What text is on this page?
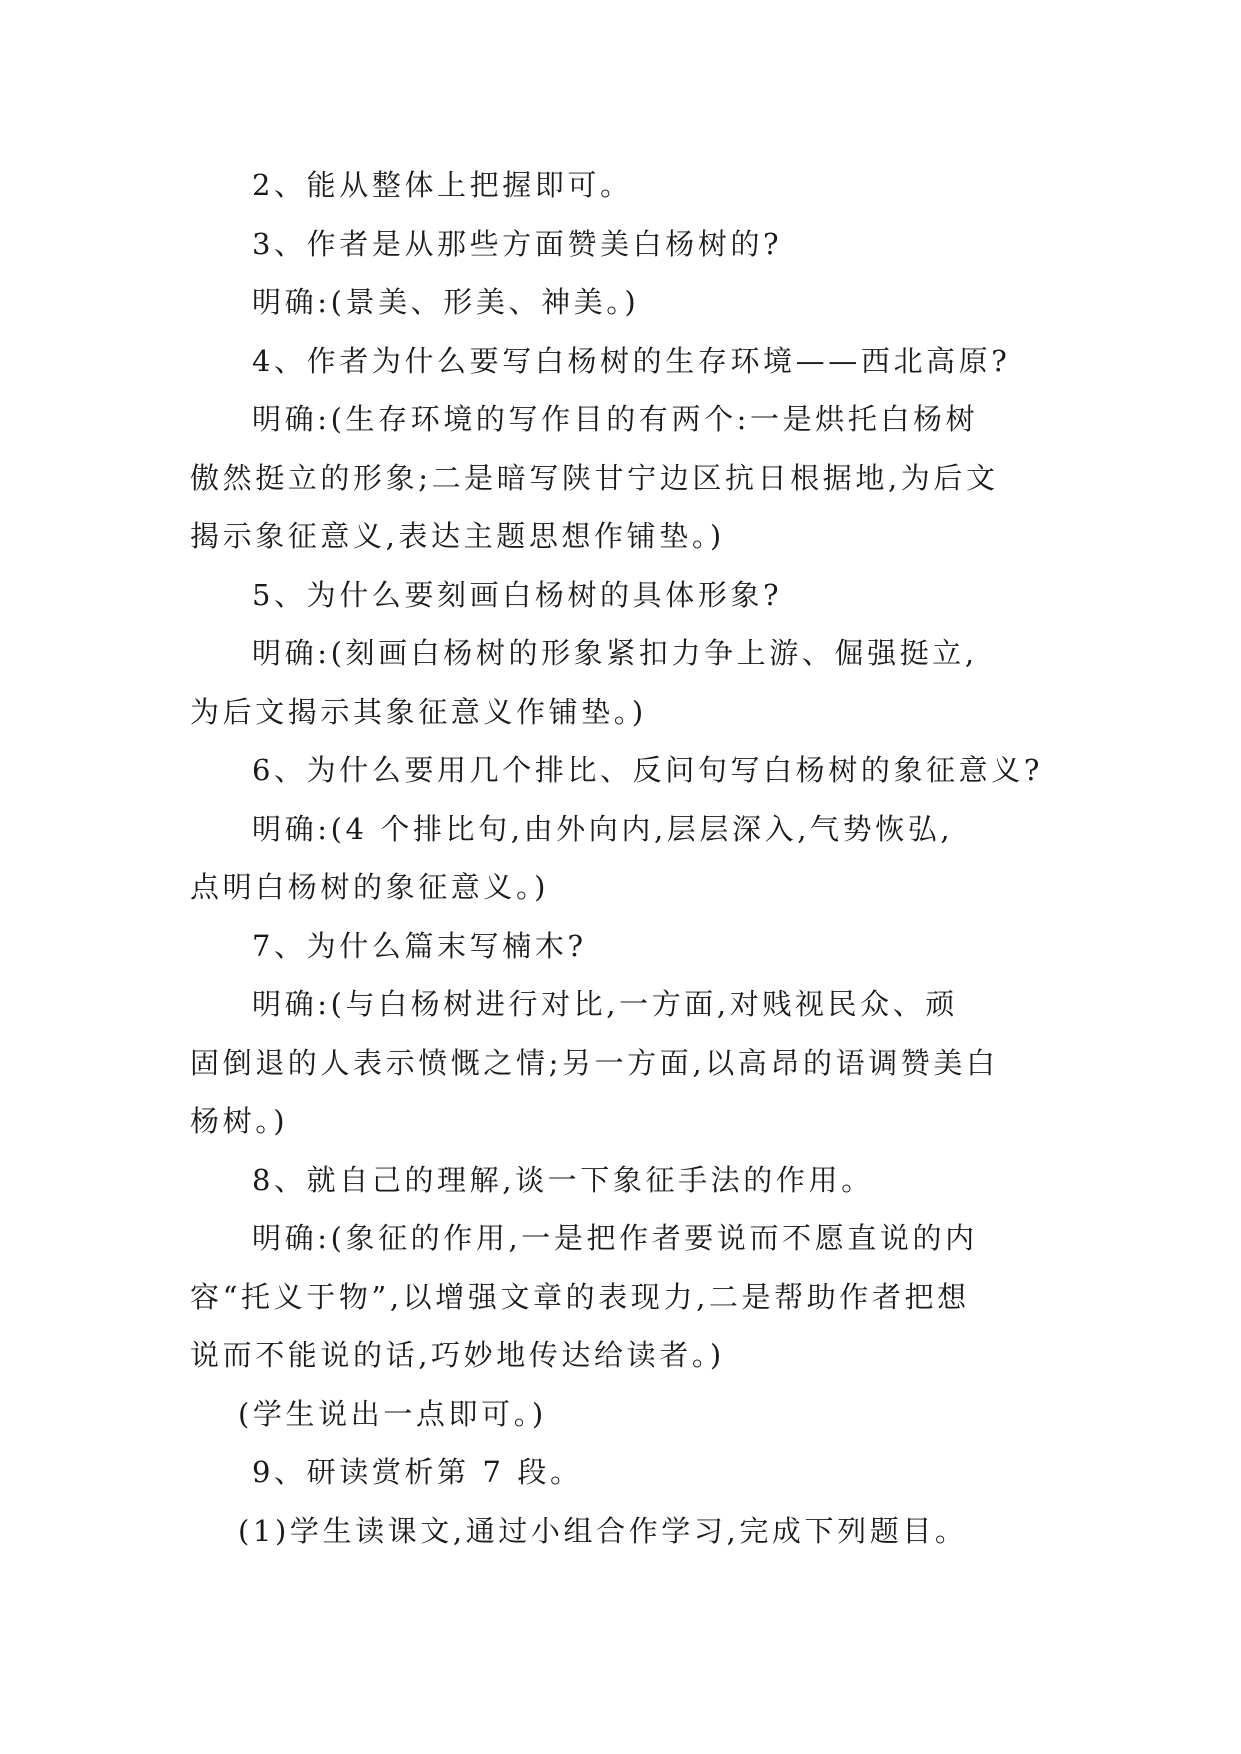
2、能从整体上把握即可。
3、作者是从那些方面赞美白杨树的?
明确:(景美、形美、神美。)
4、作者为什么要写白杨树的生存环境——西北高原?
明确:(生存环境的写作目的有两个:一是烘托白杨树
傲然挺立的形象;二是暗写陕甘宁边区抗日根据地,为后文
揭示象征意义,表达主题思想作铺垫。)
5、为什么要刻画白杨树的具体形象?
明确:(刻画白杨树的形象紧扣力争上游、倔强挺立,
为后文揭示其象征意义作铺垫。)
6、为什么要用几个排比、反问句写白杨树的象征意义?
明确:(4 个排比句,由外向内,层层深入,气势恢弘,
点明白杨树的象征意义。)
7、为什么篇末写楠木?
明确:(与白杨树进行对比,一方面,对贱视民众、顽
固倒退的人表示愤慨之情;另一方面,以高昂的语调赞美白
杨树。)
8、就自己的理解,谈一下象征手法的作用。
明确:(象征的作用,一是把作者要说而不愿直说的内
容“托义于物”,以增强文章的表现力,二是帮助作者把想
说而不能说的话,巧妙地传达给读者。)
(学生说出一点即可。)
9、研读赏析第 7 段。
(1)学生读课文,通过小组合作学习,完成下列题目。
